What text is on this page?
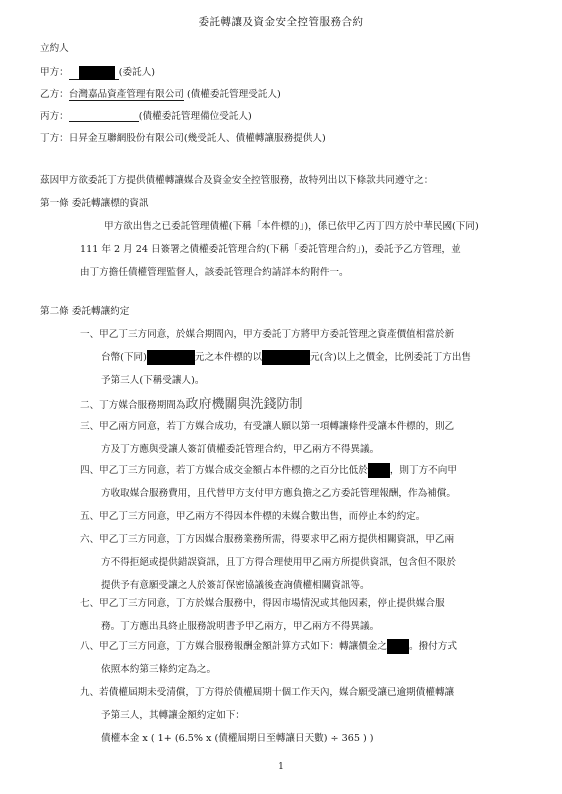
委託轉讓及資金安全控管服務合約
立約人
甲方：	(委託人)
乙方：台灣嘉品資產管理有限公司 (債權委託管理受託人)
丙方：	(債權委託管理備位受託人)
丁方：日昇金互聯網股份有限公司(幾受託人、債權轉讓服務提供人)
茲因甲方欲委託丁方提供債權轉讓媒合及資金安全控管服務，故特列出以下條款共同遵守之：
第一條 委託轉讓標的資訊
甲方欲出售之已委託管理債權(下稱「本件標的」)，係已依甲乙丙丁四方於中華民國(下同)
111 年 2 月 24 日簽署之債權委託管理合約(下稱「委託管理合約」)，委託予乙方管理，並
由丁方擔任債權管理監督人，該委託管理合約請詳本約附件一。
第二條 委託轉讓約定
一、甲乙丁三方同意，於媒合期間內，甲方委託丁方將甲方委託管理之資產價值相當於新
台幣(下同)	元之本件標的以	元(含)以上之價金，比例委託丁方出售
予第三人(下稱受讓人)。
二、丁方媒合服務期間為政府機關與洗錢防制
三、甲乙兩方同意，若丁方媒合成功，有受讓人願以第一項轉讓條件受讓本件標的，則乙
方及丁方應與受讓人簽訂債權委託管理合約，甲乙兩方不得異議。
四、甲乙丁三方同意，若丁方媒合成交金額占本件標的之百分比低於 ，則丁方不向甲
方收取媒合服務費用，且代替甲方支付甲方應負擔之乙方委託管理報酬，作為補償。
五、甲乙丁三方同意，甲乙兩方不得因本件標的未媒合數出售，而停止本約約定。
六、甲乙丁三方同意，丁方因媒合服務業務所需，得要求甲乙兩方提供相關資訊，甲乙兩
方不得拒絕或提供錯誤資訊，且丁方得合理使用甲乙兩方所提供資訊，包含但不限於
提供予有意願受讓之人於簽訂保密協議後查詢債權相關資訊等。
七、甲乙丁三方同意，丁方於媒合服務中，得因市場情況或其他因素，停止提供媒合服
務。丁方應出具終止服務說明書予甲乙兩方，甲乙兩方不得異議。
八、甲乙丁三方同意，丁方媒合服務報酬金額計算方式如下：轉讓價金之 。撥付方式
依照本約第三條約定為之。
九、若債權屆期未受清償，丁方得於債權屆期十個工作天內，媒合願受讓已逾期債權轉讓
予第三人，其轉讓金額約定如下：
債權本金 x ( 1+ (6.5% x (債權屆期日至轉讓日天數) ÷ 365 ) )
1
